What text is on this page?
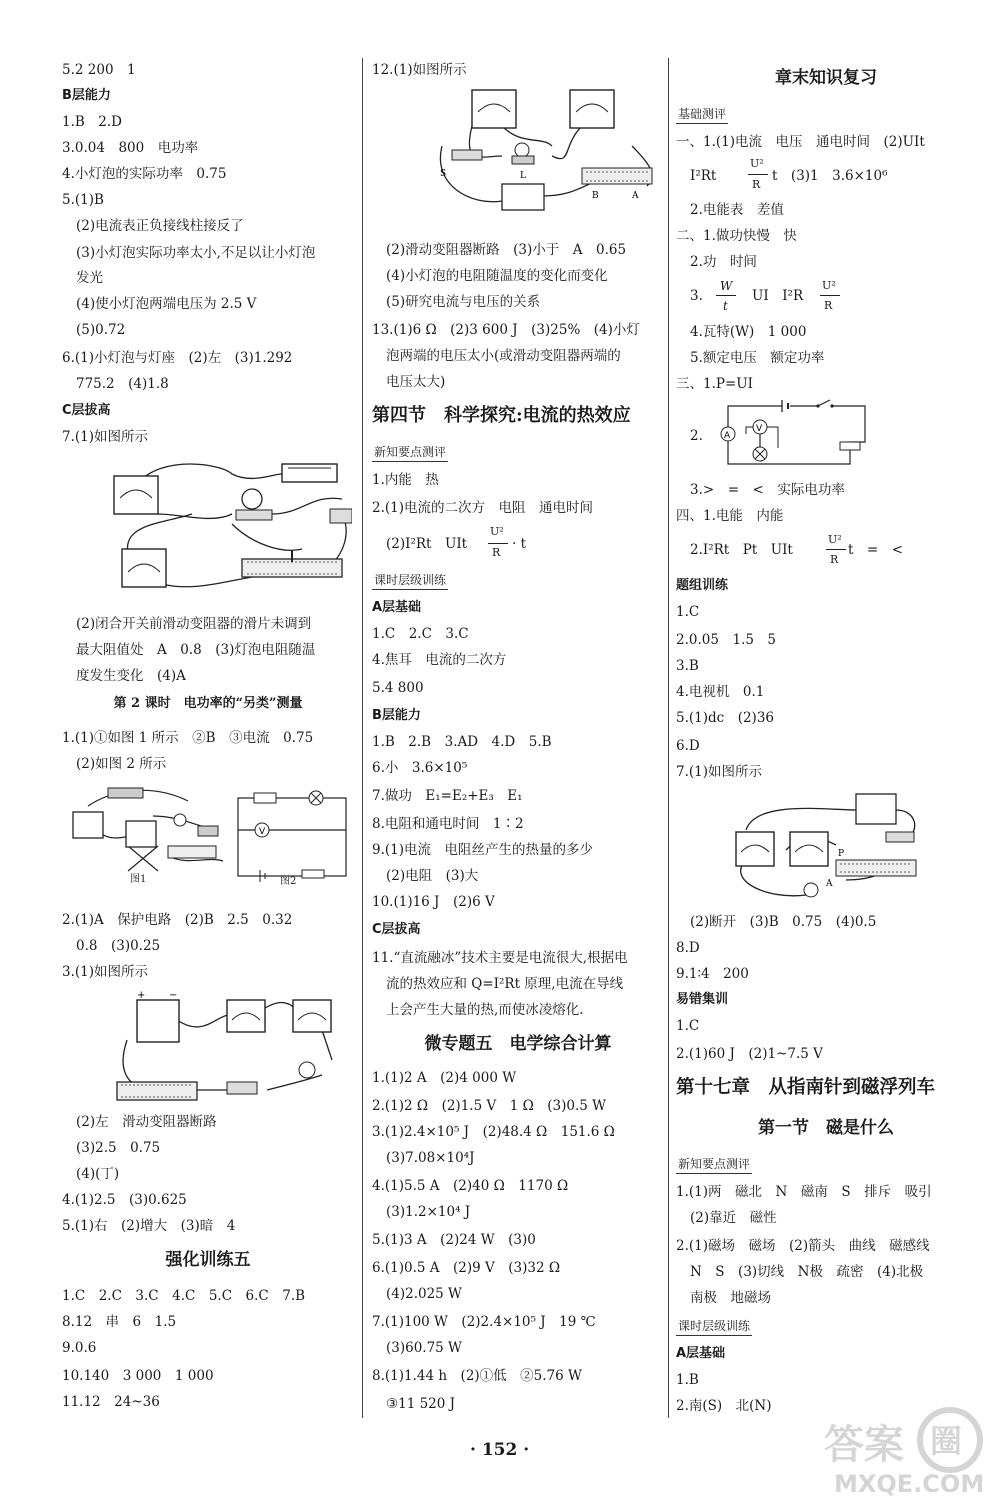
5.2 200　1
B层能力
1.B　2.D
3.0.04　800　电功率
4.小灯泡的实际功率　0.75
5.(1)B
(2)电流表正负接线柱接反了
(3)小灯泡实际功率太小,不足以让小灯泡
发光
(4)使小灯泡两端电压为 2.5 V
(5)0.72
6.(1)小灯泡与灯座　(2)左　(3)1.292
775.2　(4)1.8
C层拔高
7.(1)如图所示
(2)闭合开关前滑动变阻器的滑片未调到
最大阻值处　A　0.8　(3)灯泡电阻随温
度发生变化　(4)A
第 2 课时　电功率的“另类”测量
1.(1)①如图 1 所示　②B　③电流　0.75
(2)如图 2 所示
图1
V
图2
2.(1)A　保护电路　(2)B　2.5　0.32
0.8　(3)0.25
3.(1)如图所示
+ −
(2)左　滑动变阻器断路
(3)2.5　0.75
(4)(丁)
4.(1)2.5　(3)0.625
5.(1)右　(2)增大　(3)暗　4
强化训练五
1.C　2.C　3.C　4.C　5.C　6.C　7.B
8.12　串　6　1.5
9.0.6
10.140　3 000　1 000
11.12　24~36
12.(1)如图所示
S	L
B	A
(2)滑动变阻器断路　(3)小于　A　0.65
(4)小灯泡的电阻随温度的变化而变化
(5)研究电流与电压的关系
13.(1)6 Ω　(2)3 600 J　(3)25%　(4)小灯
泡两端的电压太小(或滑动变阻器两端的
电压太大)
第四节　科学探究:电流的热效应
新知要点测评
1.内能　热
2.(1)电流的二次方　电阻　通电时间
(2)I²Rt　UIt
U²
R
· t
课时层级训练
A层基础
1.C　2.C　3.C
4.焦耳　电流的二次方
5.4 800
B层能力
1.B　2.B　3.AD　4.D　5.B
6.小　3.6×10⁵
7.做功　E₁=E₂+E₃　E₁
8.电阻和通电时间　1∶2
9.(1)电流　电阻丝产生的热量的多少
(2)电阻　(3)大
10.(1)16 J　(2)6 V
C层拔高
11.“直流融冰”技术主要是电流很大,根据电
流的热效应和 Q=I²Rt 原理,电流在导线
上会产生大量的热,而使冰凌熔化.
微专题五　电学综合计算
1.(1)2 A　(2)4 000 W
2.(1)2 Ω　(2)1.5 V　1 Ω　(3)0.5 W
3.(1)2.4×10⁵ J　(2)48.4 Ω　151.6 Ω
(3)7.08×10⁴J
4.(1)5.5 A　(2)40 Ω　1170 Ω
(3)1.2×10⁴ J
5.(1)3 A　(2)24 W　(3)0
6.(1)0.5 A　(2)9 V　(3)32 Ω
(4)2.025 W
7.(1)100 W　(2)2.4×10⁵ J　19 ℃
(3)60.75 W
8.(1)1.44 h　(2)①低　②5.76 W
③11 520 J
章末知识复习
基础测评
一、1.(1)电流　电压　通电时间　(2)UIt
I²Rt
U²
R
t　(3)1　3.6×10⁶
2.电能表　差值
二、1.做功快慢　快
2.功　时间
3.
W
t
UI　I²R
U²
R
4.瓦特(W)　1 000
5.额定电压　额定功率
三、1.P=UI
2.	A
V
3.>　=　<　实际电功率
四、1.电能　内能
2.I²Rt　Pt　UIt
U²
R
t　=　<
题组训练
1.C
2.0.05　1.5　5
3.B
4.电视机　0.1
5.(1)dc　(2)36
6.D
7.(1)如图所示
P
A
(2)断开　(3)B　0.75　(4)0.5
8.D
9.1∶4　200
易错集训
1.C
2.(1)60 J　(2)1~7.5 V
第十七章　从指南针到磁浮列车
第一节　磁是什么
新知要点测评
1.(1)两　磁北　N　磁南　S　排斥　吸引
(2)靠近　磁性
2.(1)磁场　磁场　(2)箭头　曲线　磁感线
N　S　(3)切线　N极　疏密　(4)北极
南极　地磁场
课时层级训练
A层基础
1.B
2.南(S)　北(N)
· 152 ·	答案 圈
MXQE.COM
